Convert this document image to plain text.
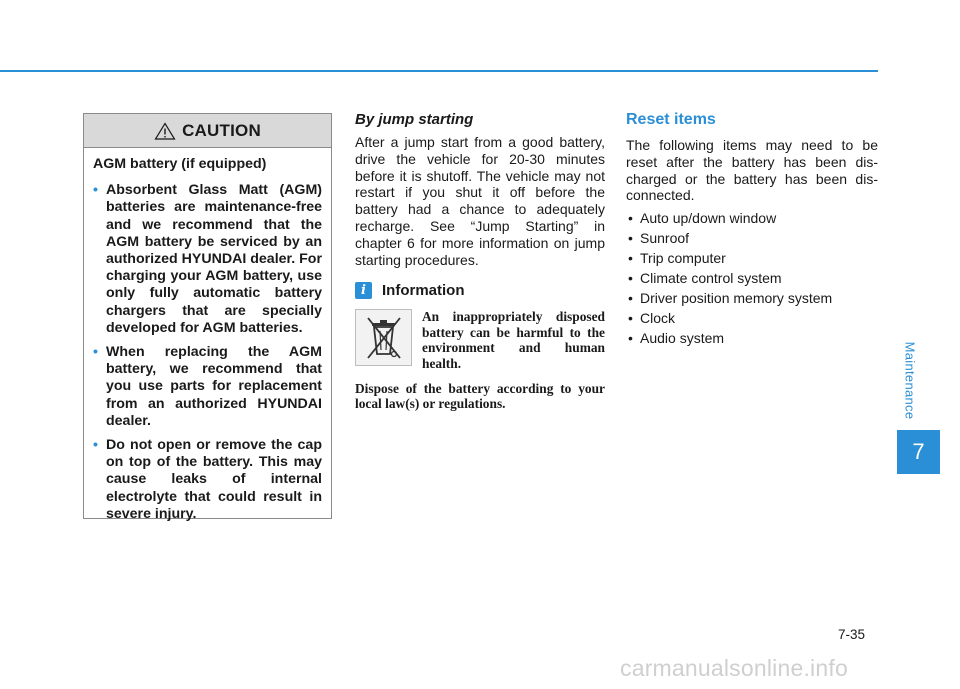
CAUTION

AGM battery (if equipped)

• Absorbent Glass Matt (AGM) batteries are maintenance-free and we recommend that the AGM battery be serviced by an authorized HYUNDAI dealer. For charging your AGM battery, use only fully automatic battery chargers that are specially developed for AGM batteries.
• When replacing the AGM battery, we recommend that you use parts for replacement from an authorized HYUNDAI dealer.
• Do not open or remove the cap on top of the battery. This may cause leaks of internal electrolyte that could result in severe injury.

By jump starting

After a jump start from a good battery, drive the vehicle for 20-30 minutes before it is shutoff. The vehicle may not restart if you shut it off before the battery had a chance to adequately recharge. See “Jump Starting” in chapter 6 for more information on jump starting procedures.

i	Information
An inappropriately disposed battery can be harmful to the environment and human health.
Dispose of the battery according to your local law(s) or regulations.

Reset items

The following items may need to be reset after the battery has been dis-charged or the battery has been dis-connected.

• Auto up/down window
• Sunroof
• Trip computer
• Climate control system
• Driver position memory system
• Clock
• Audio system
Maintenance
7
7-35
carmanualsonline.info
